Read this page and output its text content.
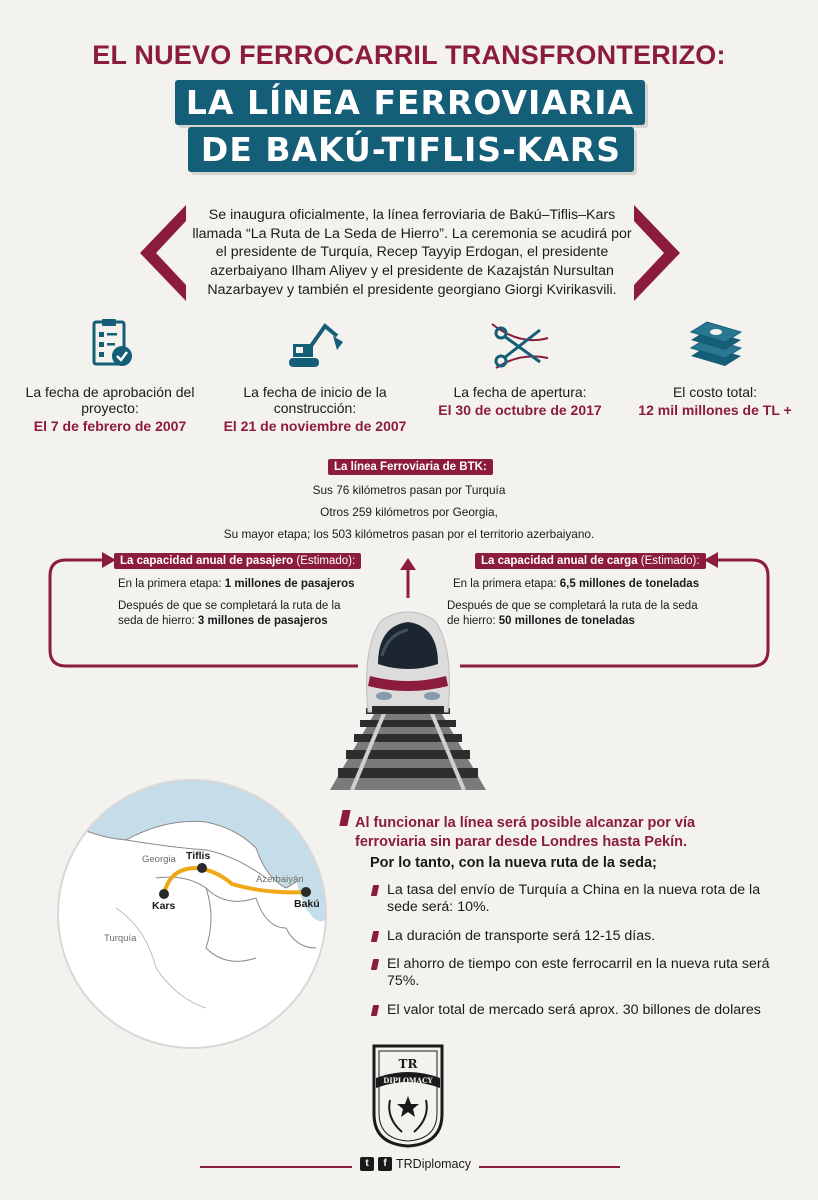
EL NUEVO FERROCARRIL TRANSFRONTERIZO:
LA LÍNEA FERROVIARIA
DE BAKÚ-TIFLIS-KARS
Se inaugura oficialmente, la línea ferroviaria de Bakú–Tiflis–Kars llamada “La Ruta de La Seda de Hierro”. La ceremonia se acudirá por el presidente de Turquía, Recep Tayyip Erdogan, el presidente azerbaiyano Ilham Aliyev y el presidente de Kazajstán Nursultan Nazarbayev y también el presidente georgiano Giorgi Kvirikasvili.
La fecha de aprobación del proyecto:
El 7 de febrero de 2007
La fecha de inicio de la construcción:
El 21 de noviembre de 2007
La fecha de apertura:
El 30 de octubre de 2017
El costo total:
12 mil millones de TL +
La línea Ferroviaria de BTK:
Sus 76 kilómetros pasan por Turquía
Otros 259 kilómetros por Georgia,
Su mayor etapa; los 503 kilómetros pasan por el territorio azerbaiyano.
La capacidad anual de pasajero (Estimado):
En la primera etapa: 1 millones de pasajeros
Después de que se completará la ruta de la seda de hierro: 3 millones de pasajeros
La capacidad anual de carga (Estimado):
En la primera etapa: 6,5 millones de toneladas
Después de que se completará la ruta de la seda de hierro: 50 millones de toneladas
Georgia
Azerbaiyán
Turquía
Tiflis
Kars	Bakú
Al funcionar la línea será posible alcanzar por vía ferroviaria sin parar desde Londres hasta Pekín.
Por lo tanto, con la nueva ruta de la seda;
La tasa del envío de Turquía a China en la nueva rota de la sede será: 10%.
La duración de transporte será 12-15 días.
El ahorro de tiempo con este ferrocarril en la nueva ruta será 75%.
El valor total de mercado será aprox. 30 billones de dolares
TR
DIPLOMACY
t	f TRDiplomacy
